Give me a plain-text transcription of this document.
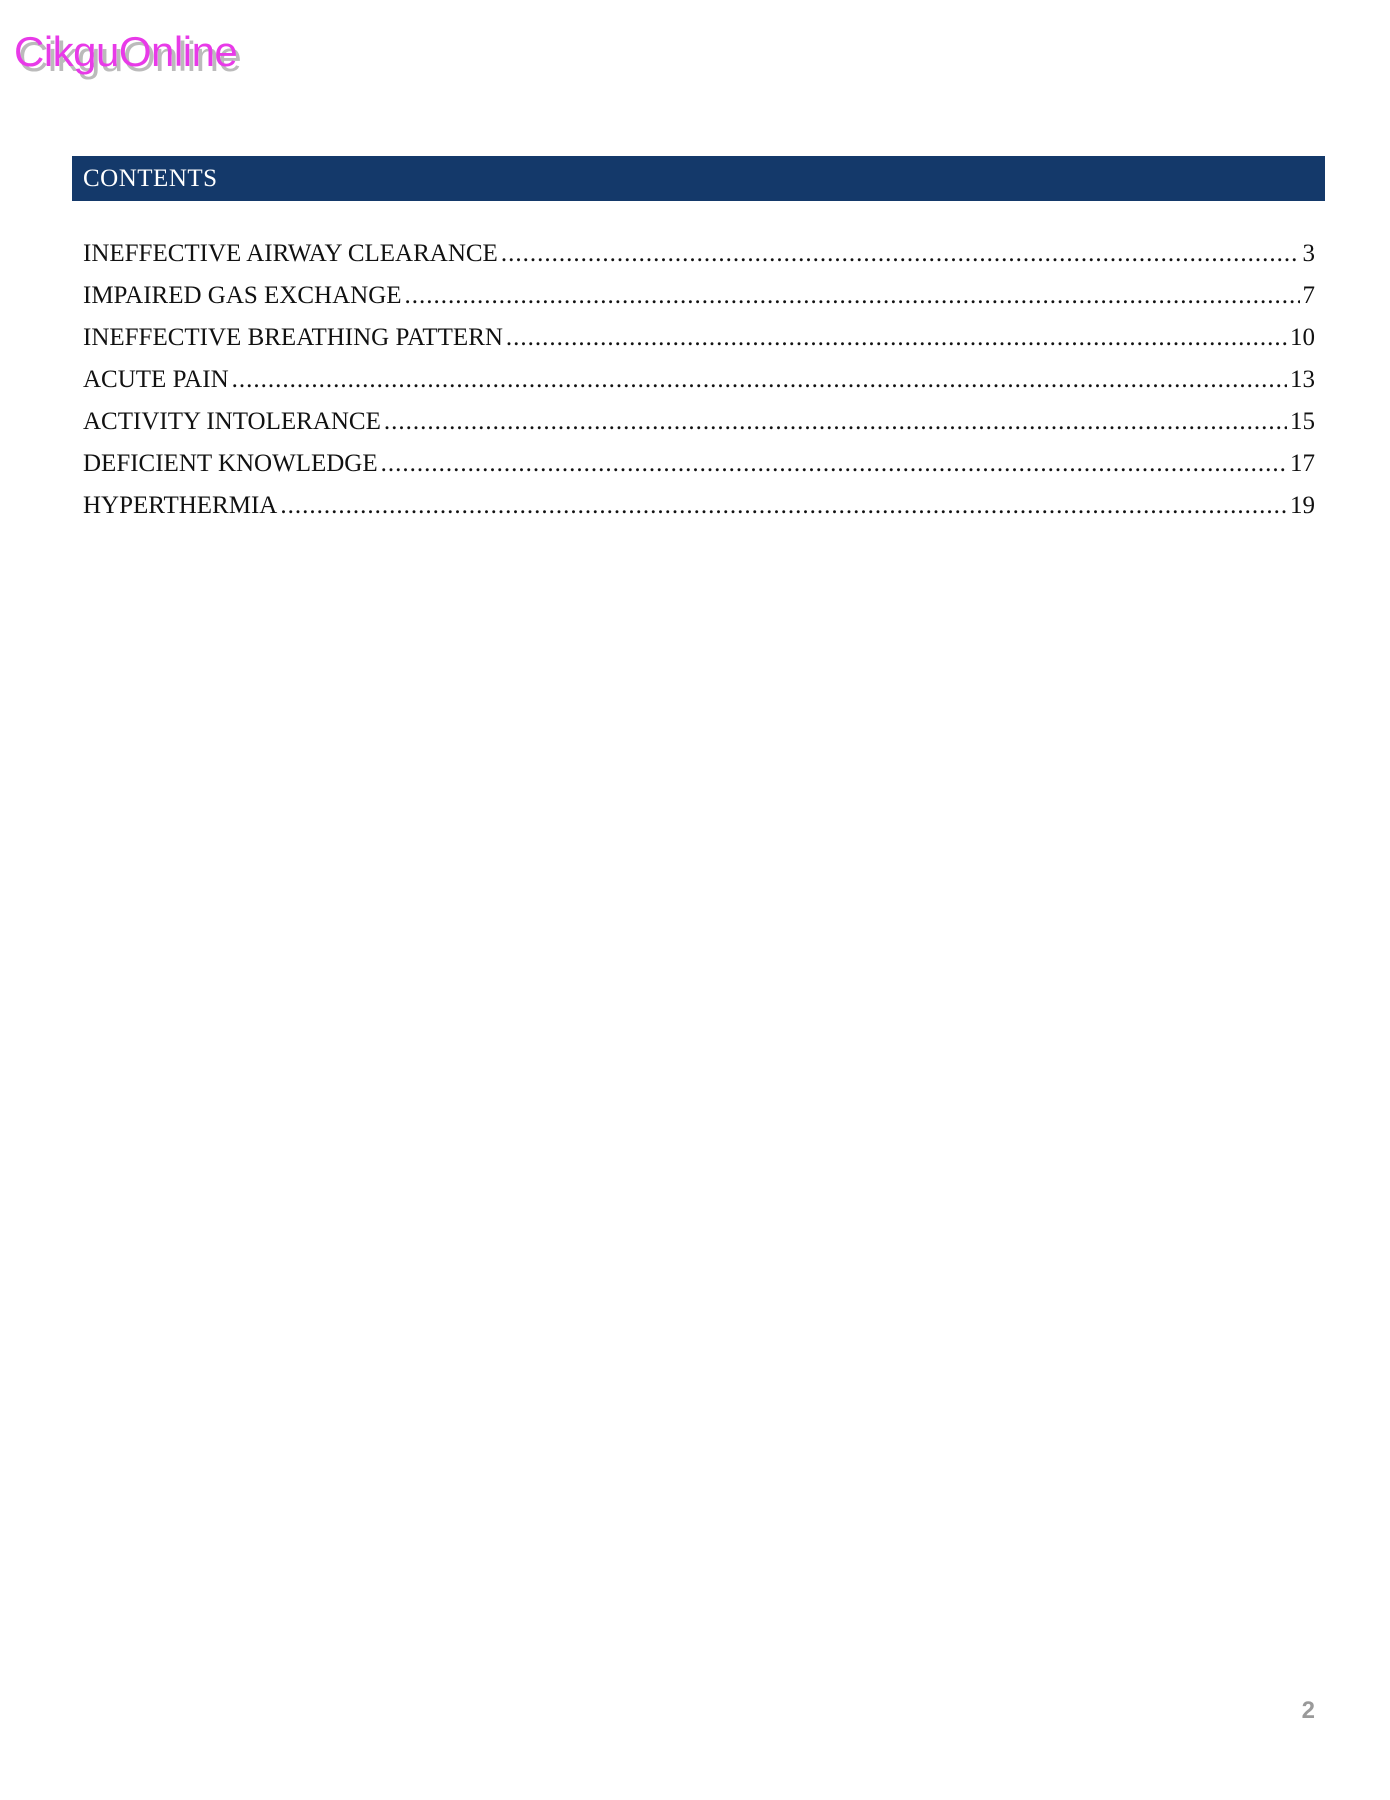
CikguOnline
CONTENTS
INEFFECTIVE AIRWAY CLEARANCE .....	3
IMPAIRED GAS EXCHANGE .....	7
INEFFECTIVE BREATHING PATTERN .....	10
ACUTE PAIN .....	13
ACTIVITY INTOLERANCE .....	15
DEFICIENT KNOWLEDGE .....	17
HYPERTHERMIA .....	19
2
